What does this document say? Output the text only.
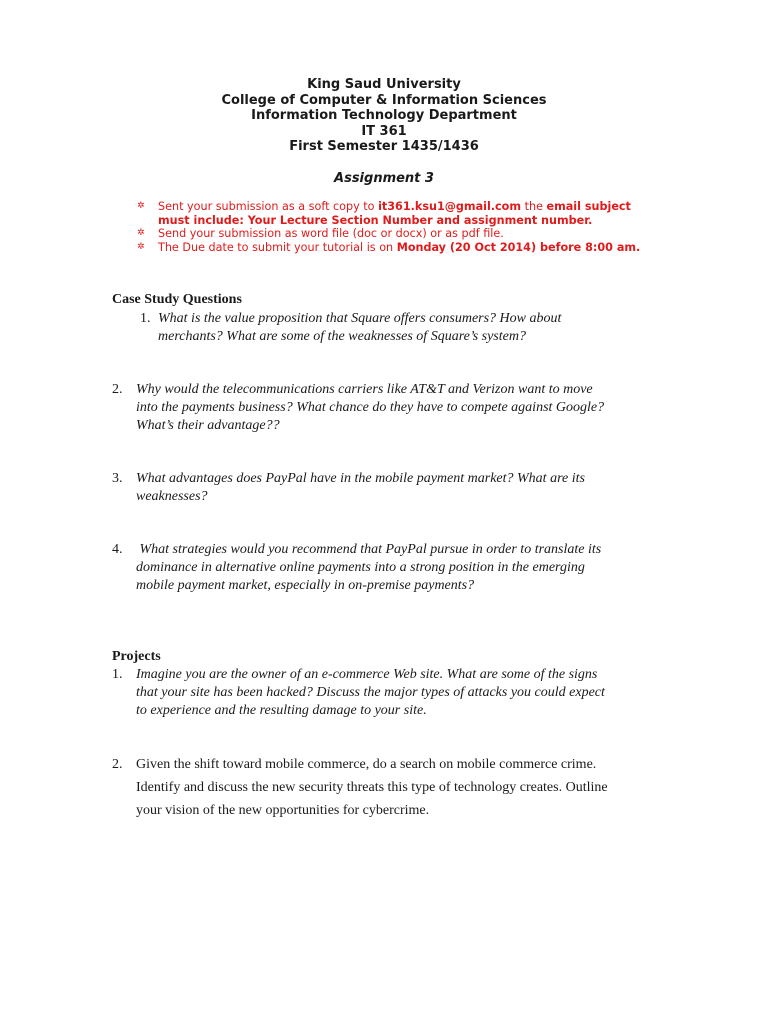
King Saud University
College of Computer & Information Sciences
Information Technology Department
IT 361
First Semester 1435/1436
Assignment 3
✲ Sent your submission as a soft copy to it361.ksu1@gmail.com the email subject must include: Your Lecture Section Number and assignment number.
✲ Send your submission as word file (doc or docx) or as pdf file.
✲ The Due date to submit your tutorial is on Monday (20 Oct 2014) before 8:00 am.
Case Study Questions
1. What is the value proposition that Square offers consumers? How about
merchants? What are some of the weaknesses of Square’s system?
2. Why would the telecommunications carriers like AT&T and Verizon want to move
into the payments business? What chance do they have to compete against Google?
What’s their advantage??
3. What advantages does PayPal have in the mobile payment market? What are its
weaknesses?
4. What strategies would you recommend that PayPal pursue in order to translate its
dominance in alternative online payments into a strong position in the emerging
mobile payment market, especially in on-premise payments?
Projects
1. Imagine you are the owner of an e-commerce Web site. What are some of the signs
that your site has been hacked? Discuss the major types of attacks you could expect
to experience and the resulting damage to your site.
2. Given the shift toward mobile commerce, do a search on mobile commerce crime.
Identify and discuss the new security threats this type of technology creates. Outline
your vision of the new opportunities for cybercrime.
